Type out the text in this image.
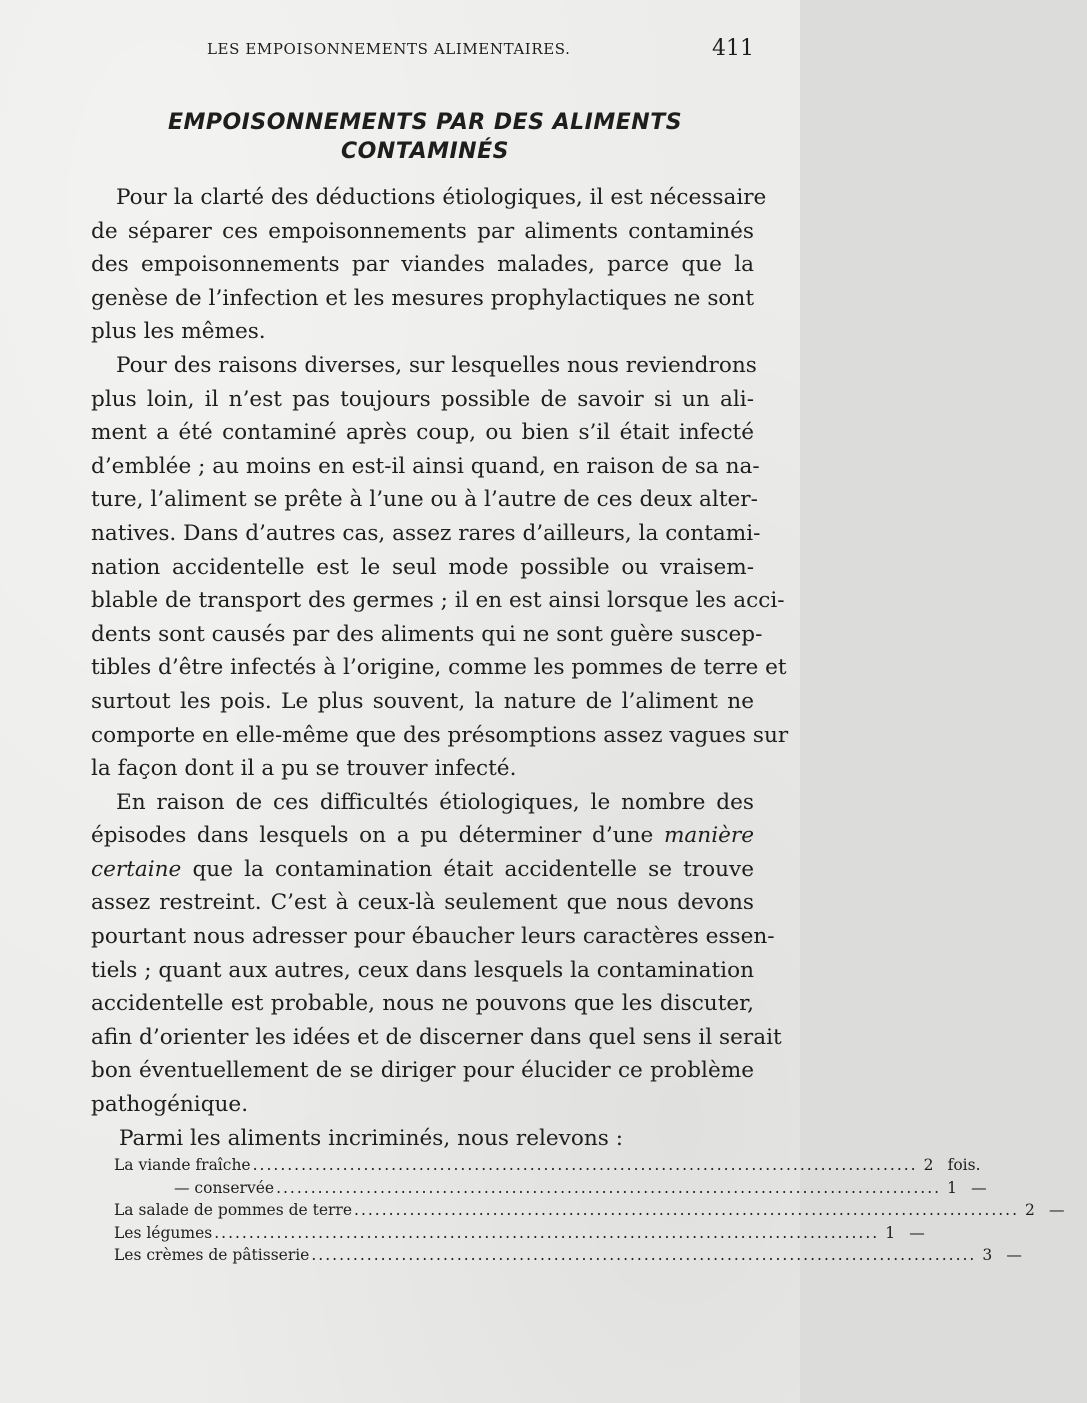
LES EMPOISONNEMENTS ALIMENTAIRES.	411
EMPOISONNEMENTS PAR DES ALIMENTS
CONTAMINÉS

Pour la clarté des déductions étiologiques, il est nécessaire
de séparer ces empoisonnements par aliments contaminés
des empoisonnements par viandes malades, parce que la
genèse de l’infection et les mesures prophylactiques ne sont
plus les mêmes.

Pour des raisons diverses, sur lesquelles nous reviendrons
plus loin, il n’est pas toujours possible de savoir si un ali-
ment a été contaminé après coup, ou bien s’il était infecté
d’emblée ; au moins en est-il ainsi quand, en raison de sa na-
ture, l’aliment se prête à l’une ou à l’autre de ces deux alter-
natives. Dans d’autres cas, assez rares d’ailleurs, la contami-
nation accidentelle est le seul mode possible ou vraisem-
blable de transport des germes ; il en est ainsi lorsque les acci-
dents sont causés par des aliments qui ne sont guère suscep-
tibles d’être infectés à l’origine, comme les pommes de terre et
surtout les pois. Le plus souvent, la nature de l’aliment ne
comporte en elle-même que des présomptions assez vagues sur
la façon dont il a pu se trouver infecté.

En raison de ces difficultés étiologiques, le nombre des
épisodes dans lesquels on a pu déterminer d’une manière
certaine que la contamination était accidentelle se trouve
assez restreint. C’est à ceux-là seulement que nous devons
pourtant nous adresser pour ébaucher leurs caractères essen-
tiels ; quant aux autres, ceux dans lesquels la contamination
accidentelle est probable, nous ne pouvons que les discuter,
afin d’orienter les idées et de discerner dans quel sens il serait
bon éventuellement de se diriger pour élucider ce problème
pathogénique.

Parmi les aliments incriminés, nous relevons :

La viande fraîche ................................................................................................ 2 fois.
— conservée ................................................................................................ 1 —
La salade de pommes de terre ................................................................................................ 2 —
Les légumes ................................................................................................ 1 —
Les crèmes de pâtisserie ................................................................................................ 3 —
